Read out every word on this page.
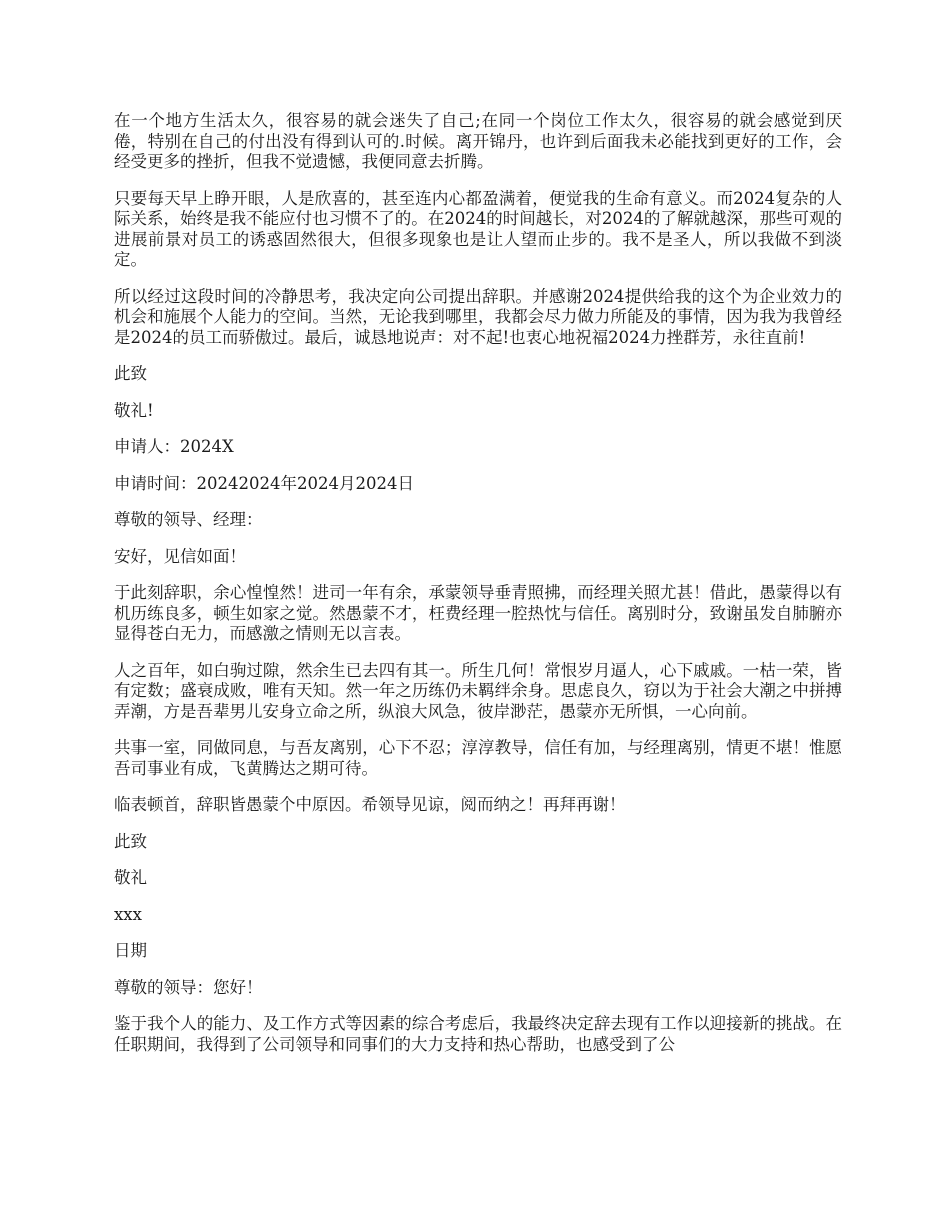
在一个地方生活太久，很容易的就会迷失了自己;在同一个岗位工作太久，很容易的就会感觉到厌倦，特别在自己的付出没有得到认可的.时候。离开锦丹，也许到后面我未必能找到更好的工作，会经受更多的挫折，但我不觉遗憾，我便同意去折腾。

只要每天早上睁开眼，人是欣喜的，甚至连内心都盈满着，便觉我的生命有意义。而2024复杂的人际关系，始终是我不能应付也习惯不了的。在2024的时间越长，对2024的了解就越深，那些可观的进展前景对员工的诱惑固然很大，但很多现象也是让人望而止步的。我不是圣人，所以我做不到淡定。

所以经过这段时间的冷静思考，我决定向公司提出辞职。并感谢2024提供给我的这个为企业效力的机会和施展个人能力的空间。当然，无论我到哪里，我都会尽力做力所能及的事情，因为我为我曾经是2024的员工而骄傲过。最后，诚恳地说声：对不起!也衷心地祝福2024力挫群芳，永往直前!

此致

敬礼!

申请人：2024X

申请时间：20242024年2024月2024日

尊敬的领导、经理：

安好，见信如面！

于此刻辞职，余心惶惶然！进司一年有余，承蒙领导垂青照拂，而经理关照尤甚！借此，愚蒙得以有机历练良多，顿生如家之觉。然愚蒙不才，枉费经理一腔热忱与信任。离别时分，致谢虽发自肺腑亦显得苍白无力，而感激之情则无以言表。

人之百年，如白驹过隙，然余生已去四有其一。所生几何！常恨岁月逼人，心下戚戚。一枯一荣，皆有定数；盛衰成败，唯有天知。然一年之历练仍未羁绊余身。思虑良久，窃以为于社会大潮之中拼搏弄潮，方是吾辈男儿安身立命之所，纵浪大风急，彼岸渺茫，愚蒙亦无所惧，一心向前。

共事一室，同做同息，与吾友离别，心下不忍；淳淳教导，信任有加，与经理离别，情更不堪！惟愿吾司事业有成，飞黄腾达之期可待。

临表顿首，辞职皆愚蒙个中原因。希领导见谅，阅而纳之！再拜再谢！

此致

敬礼

xxx

日期

尊敬的领导：您好！

鉴于我个人的能力、及工作方式等因素的综合考虑后，我最终决定辞去现有工作以迎接新的挑战。在任职期间，我得到了公司领导和同事们的大力支持和热心帮助，也感受到了公
